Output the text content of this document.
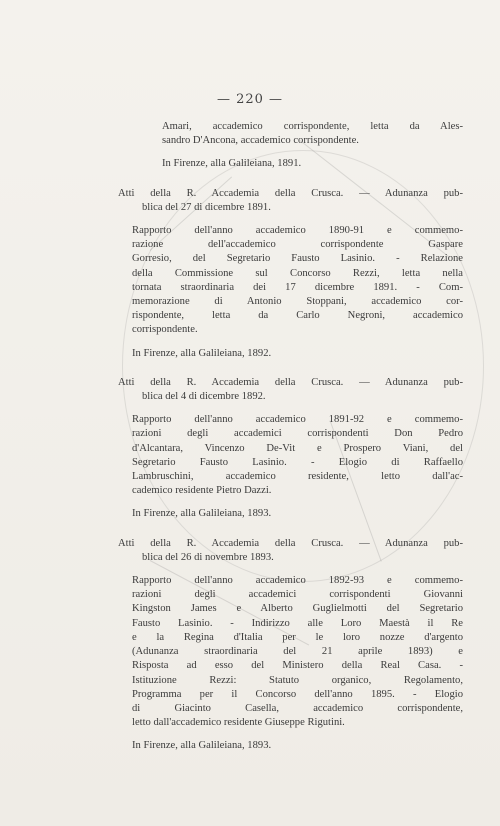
— 220 —
Amari, accademico corrispondente, letta da Ales-
sandro D'Ancona, accademico corrispondente.
In Firenze, alla Galileiana, 1891.
Atti della R. Accademia della Crusca. — Adunanza pub-
blica del 27 di dicembre 1891.
Rapporto dell'anno accademico 1890-91 e commemo-
razione dell'accademico corrispondente Gaspare
Gorresio, del Segretario Fausto Lasinio. - Relazione
della Commissione sul Concorso Rezzi, letta nella
tornata straordinaria dei 17 dicembre 1891. - Com-
memorazione di Antonio Stoppani, accademico cor-
rispondente, letta da Carlo Negroni, accademico
corrispondente.
In Firenze, alla Galileiana, 1892.
Atti della R. Accademia della Crusca. — Adunanza pub-
blica del 4 di dicembre 1892.
Rapporto dell'anno accademico 1891-92 e commemo-
razioni degli accademici corrispondenti Don Pedro
d'Alcantara, Vincenzo De-Vit e Prospero Viani, del
Segretario Fausto Lasinio. - Elogio di Raffaello
Lambruschini, accademico residente, letto dall'ac-
cademico residente Pietro Dazzi.
In Firenze, alla Galileiana, 1893.
Atti della R. Accademia della Crusca. — Adunanza pub-
blica del 26 di novembre 1893.
Rapporto dell'anno accademico 1892-93 e commemo-
razioni degli accademici corrispondenti Giovanni
Kingston James e Alberto Guglielmotti del Segretario
Fausto Lasinio. - Indirizzo alle Loro Maestà il Re
e la Regina d'Italia per le loro nozze d'argento
(Adunanza straordinaria del 21 aprile 1893) e
Risposta ad esso del Ministero della Real Casa. -
Istituzione Rezzi: Statuto organico, Regolamento,
Programma per il Concorso dell'anno 1895. - Elogio
di Giacinto Casella, accademico corrispondente,
letto dall'accademico residente Giuseppe Rigutini.
In Firenze, alla Galileiana, 1893.
